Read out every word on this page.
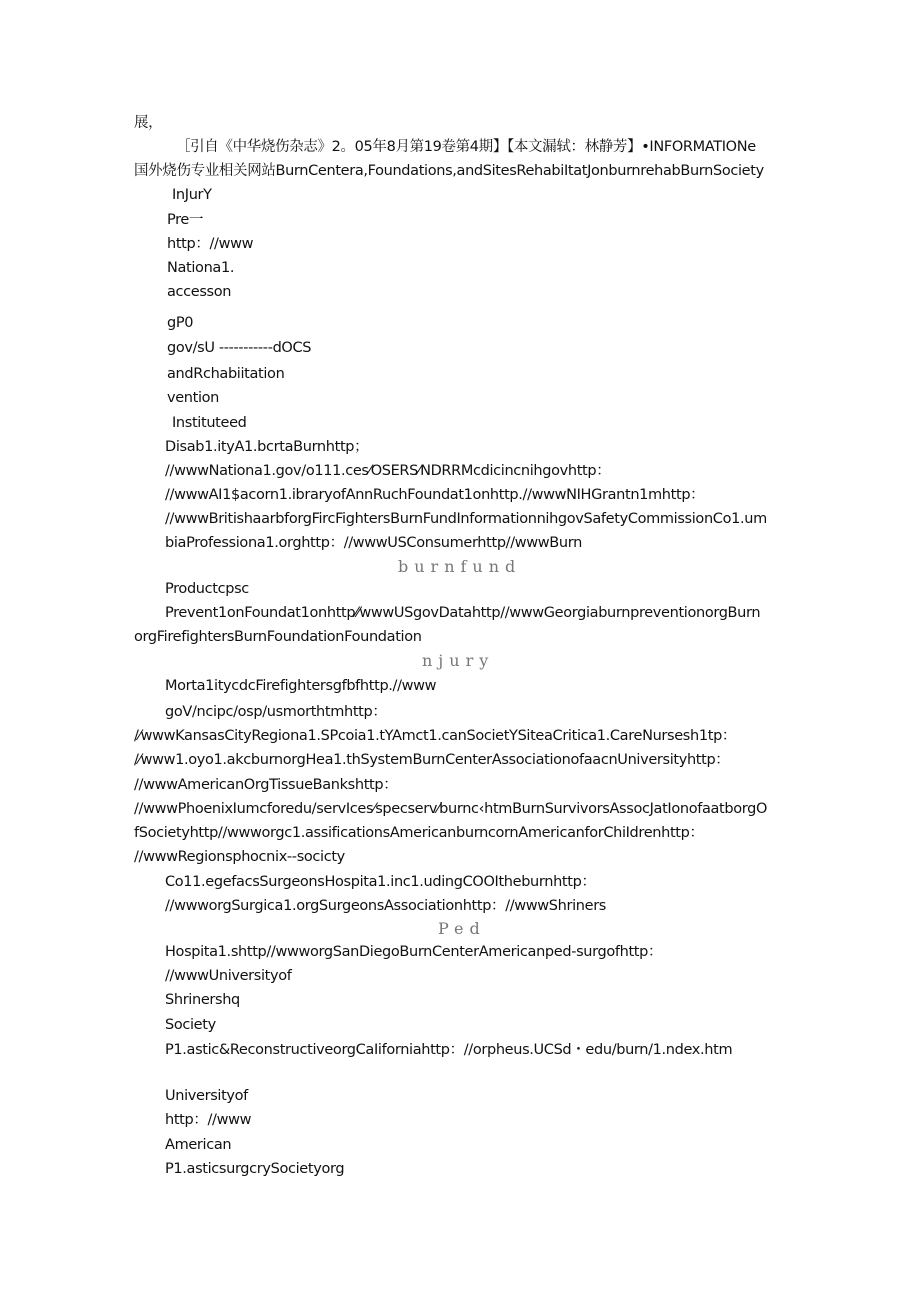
展，
［引自《中华烧伤杂志》2。05年8月第19卷第4期】【本文漏轼：林静芳】•INFORMATIONe
国外烧伤专业相关网站BurnCentera,Foundations,andSitesRehabiItatJonburnrehabBurnSociety
InJurY
Pre一
http：//www
Nationa1.
accesson
gP0
gov/sU -----------dOCS
andRchabiitation
vention
Instituteed
Disab1.ityA1.bcrtaBurnhttp；
//wwwNationa1.gov/o111.ces⁄OSERS⁄NDRRMcdicincnihgovhttp：
//wwwAI1$acorn1.ibraryofAnnRuchFoundat1onhttp.//wwwNIHGrantn1mhttp：
//wwwBritishaarbforgFircFightersBurnFundInformationnihgovSafetyCommissionCo1.um
biaProfessiona1.orghttp：//wwwUSConsumerhttp//wwwBurn
burnfund
Productcpsc
Prevent1onFoundat1onhttp⁄⁄wwwUSgovDatahttp//wwwGeorgiaburnpreventionorgBurn
orgFirefightersBurnFoundationFoundation
njury
Morta1itycdcFirefightersgfbfhttp.//www
goV/ncipc/osp/usmorthtmhttp：
/⁄wwwKansasCityRegiona1.SPcoia1.tYAmct1.canSocietYSiteaCritica1.CareNursesh1tp：
/⁄www1.oyo1.akcburnorgHea1.thSystemBurnCenterAssociationofaacnUniversityhttp：
//wwwAmericanOrgTissueBankshttp：
//wwwPhoenixIumcforedu/servIces⁄specserv⁄burnc‹htmBurnSurvivorsAssocJatIonofaatborgO
fSocietyhttp//wwworgc1.assificationsAmericanburncornAmericanforChiIdrenhttp：
//wwwRegionsphocnix--socicty
Co11.egefacsSurgeonsHospita1.inc1.udingCOOItheburnhttp：
//wwworgSurgica1.orgSurgeonsAssociationhttp：//wwwShriners
Ped
Hospita1.shttp//wwworgSanDiegoBurnCenterAmericanped-surgofhttp：
//wwwUniversityof
Shrinershq
Society
P1.astic&ReconstructiveorgCaIiforniahttp：//orpheus.UCSd・edu/burn/1.ndex.htm
Universityof
http：//www
American
P1.asticsurgcrySocietyorg
